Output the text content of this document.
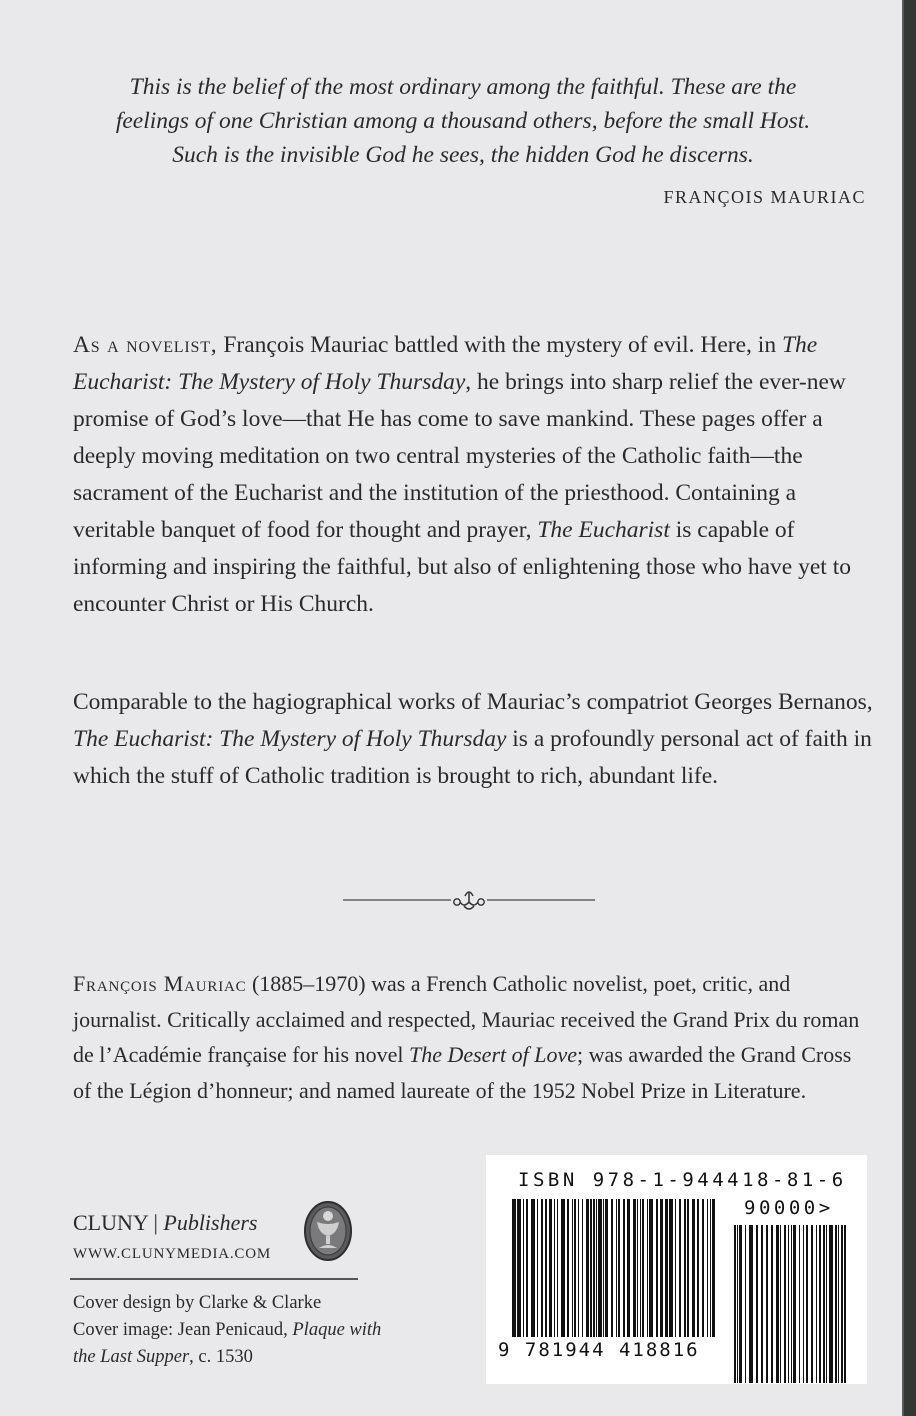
This is the belief of the most ordinary among the faithful. These are the
feelings of one Christian among a thousand others, before the small Host.
Such is the invisible God he sees, the hidden God he discerns.
FRANÇOIS MAURIAC

As a novelist, François Mauriac battled with the mystery of evil. Here, in The Eucharist: The Mystery of Holy Thursday, he brings into sharp relief the ever-new promise of God’s love—that He has come to save mankind. These pages offer a deeply moving meditation on two central mysteries of the Catholic faith—the sacrament of the Eucharist and the institution of the priesthood. Containing a veritable banquet of food for thought and prayer, The Eucharist is capable of informing and inspiring the faithful, but also of enlightening those who have yet to encounter Christ or His Church.

Comparable to the hagiographical works of Mauriac’s compatriot Georges Bernanos, The Eucharist: The Mystery of Holy Thursday is a profoundly personal act of faith in which the stuff of Catholic tradition is brought to rich, abundant life.

François Mauriac (1885–1970) was a French Catholic novelist, poet, critic, and journalist. Critically acclaimed and respected, Mauriac received the Grand Prix du roman de l’Académie française for his novel The Desert of Love; was awarded the Grand Cross of the Légion d’honneur; and named laureate of the 1952 Nobel Prize in Literature.

CLUNY | Publishers
WWW.CLUNYMEDIA.COM
Cover design by Clarke & Clarke
Cover image: Jean Penicaud, Plaque with
the Last Supper, c. 1530
ISBN 978-1-944418-81-6
90000>
9 781944 418816
